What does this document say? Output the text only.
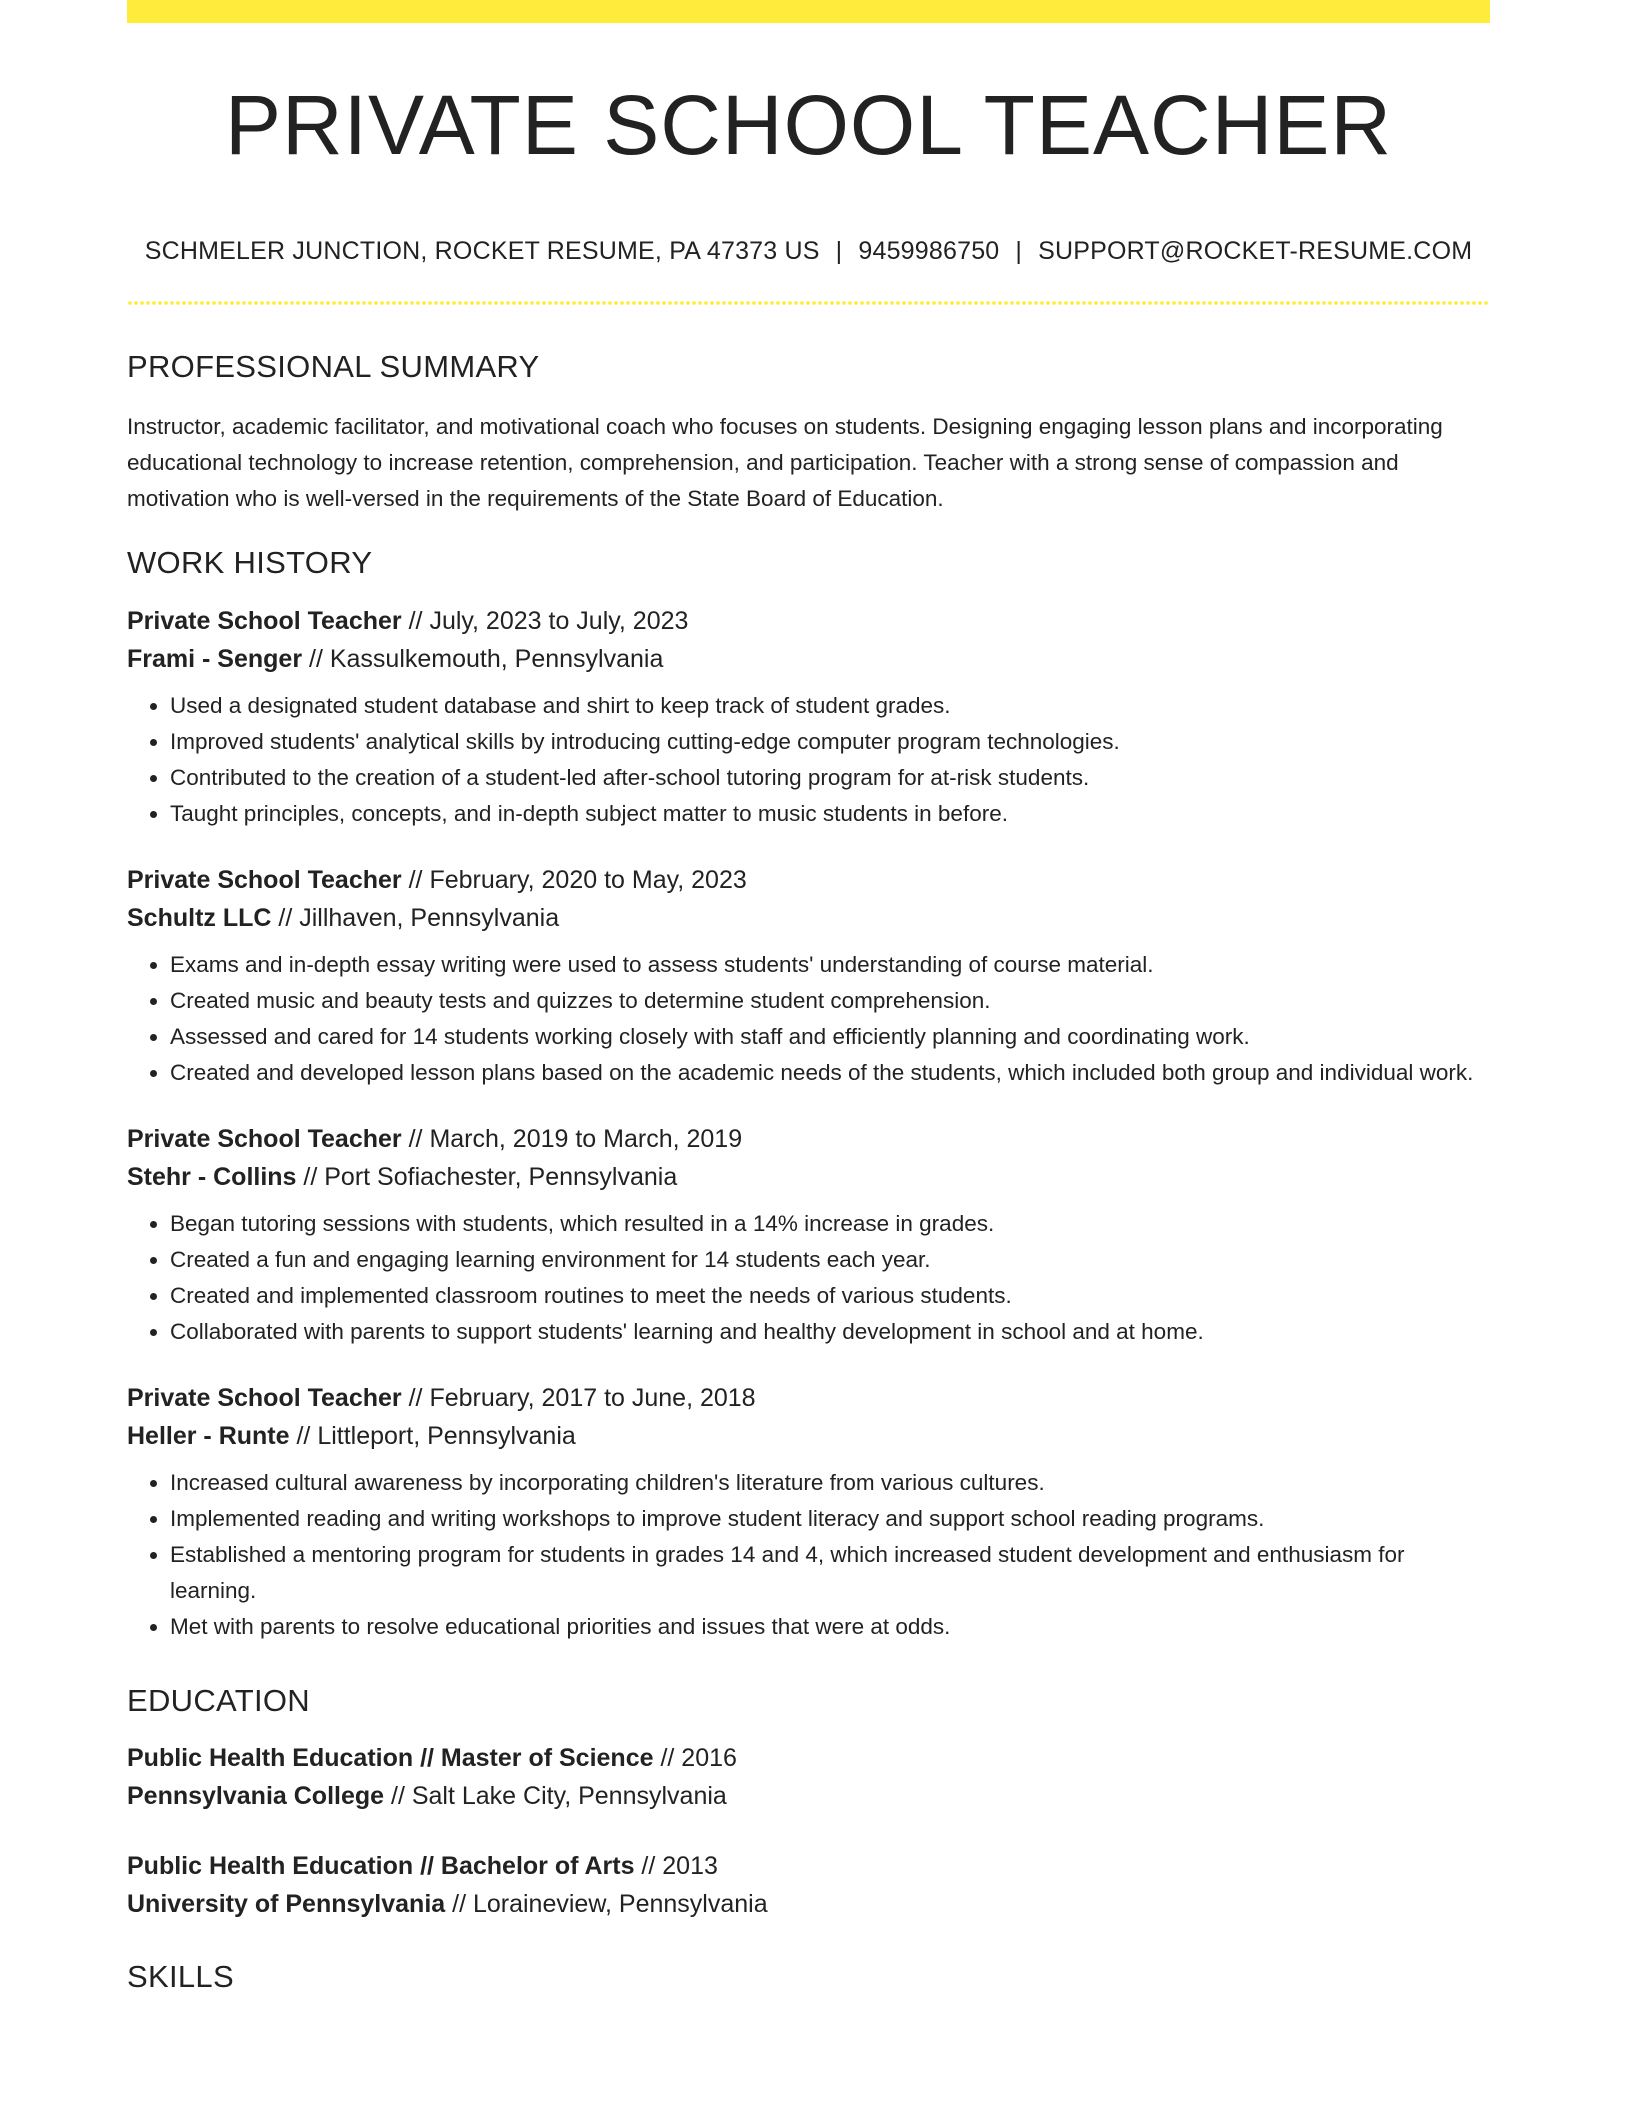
PRIVATE SCHOOL TEACHER
SCHMELER JUNCTION, ROCKET RESUME, PA 47373 US | 9459986750 | SUPPORT@ROCKET-RESUME.COM
PROFESSIONAL SUMMARY
Instructor, academic facilitator, and motivational coach who focuses on students. Designing engaging lesson plans and incorporating educational technology to increase retention, comprehension, and participation. Teacher with a strong sense of compassion and motivation who is well-versed in the requirements of the State Board of Education.
WORK HISTORY
Private School Teacher // July, 2023 to July, 2023
Frami - Senger // Kassulkemouth, Pennsylvania
• Used a designated student database and shirt to keep track of student grades.
• Improved students' analytical skills by introducing cutting-edge computer program technologies.
• Contributed to the creation of a student-led after-school tutoring program for at-risk students.
• Taught principles, concepts, and in-depth subject matter to music students in before.
Private School Teacher // February, 2020 to May, 2023
Schultz LLC // Jillhaven, Pennsylvania
• Exams and in-depth essay writing were used to assess students' understanding of course material.
• Created music and beauty tests and quizzes to determine student comprehension.
• Assessed and cared for 14 students working closely with staff and efficiently planning and coordinating work.
• Created and developed lesson plans based on the academic needs of the students, which included both group and individual work.
Private School Teacher // March, 2019 to March, 2019
Stehr - Collins // Port Sofiachester, Pennsylvania
• Began tutoring sessions with students, which resulted in a 14% increase in grades.
• Created a fun and engaging learning environment for 14 students each year.
• Created and implemented classroom routines to meet the needs of various students.
• Collaborated with parents to support students' learning and healthy development in school and at home.
Private School Teacher // February, 2017 to June, 2018
Heller - Runte // Littleport, Pennsylvania
• Increased cultural awareness by incorporating children's literature from various cultures.
• Implemented reading and writing workshops to improve student literacy and support school reading programs.
• Established a mentoring program for students in grades 14 and 4, which increased student development and enthusiasm for learning.
• Met with parents to resolve educational priorities and issues that were at odds.
EDUCATION
Public Health Education // Master of Science // 2016
Pennsylvania College // Salt Lake City, Pennsylvania
Public Health Education // Bachelor of Arts // 2013
University of Pennsylvania // Loraineview, Pennsylvania
SKILLS
